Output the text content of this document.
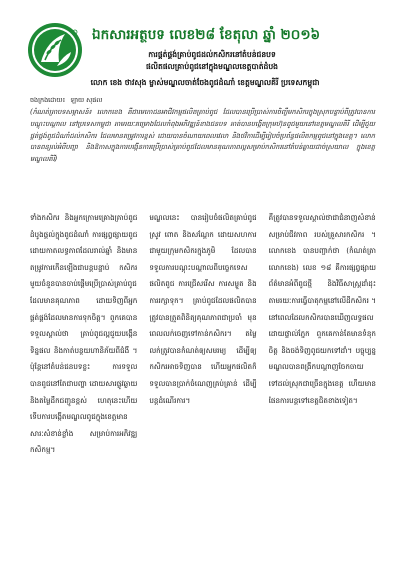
ឯកសារអត្ថបទ លេខ២៨ ខែតុលា ឆ្នាំ ២០១៦
ការផ្គត់ផ្គង់គ្រាប់ពូជដល់កសិករនៅតំបន់ជនបទ
ផលិតផលគ្រាប់ពូជនៅក្នុងមណ្ឌលខេត្តបាត់ដំបង
លោក ខេង ថាវសុង ម្ចាស់មណ្ឌលចាត់ចែងពូជដំណាំ ខេត្តមណ្ឌលគិរី ប្រទេសកម្ពុជា
ចងក្រងដោយ៖ ឡាយ សុផល

(កំណត់ត្រាបទសម្ភាសន៍៖ លោកខេង គឺជាមេកោដនអាជីវកម្មផលិតគ្រាប់ពូជ ដែលបានប្រើប្រាស់ការចិញ្ចឹមកសិករក្នុងស្រុកបន្ទាប់ពីត្រូវបានការបណ្តុះបណ្តាល នៅប្រទេសកម្ពុជា តាមរយៈគម្រោងដែលកំពុងអភិវឌ្ឍន៍ខាងជនបទ គាត់បានបង្កើតក្រុមហ៊ុនពូជមួយនៅខេត្តមណ្ឌលគិរី ដើម្បីជួយផ្គត់ផ្គង់ពូជដំណាំដល់កសិករ ដែលមានតម្រូវការខ្ពស់ ដោយបានចំណាយពេលវេលា និងថវិកាដើម្បីរៀបចំប្រព័ន្ធផលិតកម្មពូជនៅក្នុងខេត្ត។ លោកបានពន្យល់អំពីបញ្ហា និងឱកាសក្នុងការបង្កើនការប្រើប្រាស់គ្រាប់ពូជដែលមានគុណភាពល្អសម្រាប់កសិករនៅតំបន់ឆ្ងាយដាច់ស្រយាល ក្នុងខេត្តមណ្ឌលគិរី)

ទាំងកសិករ និងអ្នកក្រោមគ្រោងគ្រាប់ពូជ ដំបូងផ្តល់ក្នុងពូជដំណាំ ការផ្សព្វផ្សាយពូជដោយកាតលទ្ធភាពដែលរាល់ឆ្នាំ និងមានតម្រូវការកើនឡើងជាបន្ដបន្ទាប់ កសិករមួយចំនួនបានចាប់ផ្តើមប្រើប្រាស់គ្រាប់ពូជដែលមានគុណភាព ដោយទិញពីអ្នកផ្គត់ផ្គង់ដែលមានការទុកចិត្ត។ ពួកគេបានទទួលស្គាល់ថា គ្រាប់ពូជល្អជួយបង្កើនទិន្នផល និងកាត់បន្ថយហានិភ័យពីជំងឺ ។ ប៉ុន្តែនៅតំបន់ជនបទខ្លះ ការទទួលបានពូជនៅតែជាបញ្ហា ដោយសារផ្លូវឆ្ងាយ និងតម្លៃដឹកជញ្ជូនខ្ពស់ ហេតុនេះហើយទើបការបង្កើតមណ្ឌលពូជក្នុងខេត្តមានសារៈសំខាន់ខ្លាំង សម្រាប់ការអភិវឌ្ឍកសិកម្ម។

មណ្ឌលនេះ បានរៀបចំផលិតគ្រាប់ពូជស្រូវ ពោត និងសណ្តែក ដោយសហការជាមួយក្រុមកសិករក្នុងភូមិ ដែលបានទទួលការបណ្តុះបណ្តាលពីបច្ចេកទេសផលិតពូជ ការជ្រើសរើស ការសម្ងួត និងការរក្សាទុក។ គ្រាប់ពូជដែលផលិតបាន ត្រូវបានត្រួតពិនិត្យគុណភាពជាប្រចាំ មុនពេលលក់ចេញទៅកាន់កសិករ។ តម្លៃលក់ត្រូវបានកំណត់ឲ្យសមរម្យ ដើម្បីឲ្យកសិករអាចទិញបាន ហើយអ្នកផលិតក៏ទទួលបានប្រាក់ចំណេញគ្រប់គ្រាន់ ដើម្បីបន្តដំណើរការ។

គឺត្រូវបានទទួលស្គាល់ថាជាជំនាញសំខាន់សម្រាប់ជីវភាព របស់គ្រួសារកសិករ ។ លោកខេង បានបញ្ជាក់ថា (កំណត់ត្រាលោកខេង) លេខ ១៨ គឺការផ្សព្វផ្សាយព័ត៌មានអំពីពូជថ្មី និងវិធីសាស្ត្រដាំដុះ តាមរយៈការធ្វើបាតុកម្មនៅលើដីកសិករ ។ នៅពេលដែលកសិករបានឃើញលទ្ធផលដោយផ្ទាល់ភ្នែក ពួកគេកាន់តែមានទំនុកចិត្ត និងចង់ទិញពូជយកទៅដាំ។ បច្ចុប្បន្ន មណ្ឌលបានពង្រីកបណ្តាញចែកចាយទៅដល់ស្រុកជាច្រើនក្នុងខេត្ត ហើយមានផែនការបន្តទៅខេត្តជិតខាងទៀត។
